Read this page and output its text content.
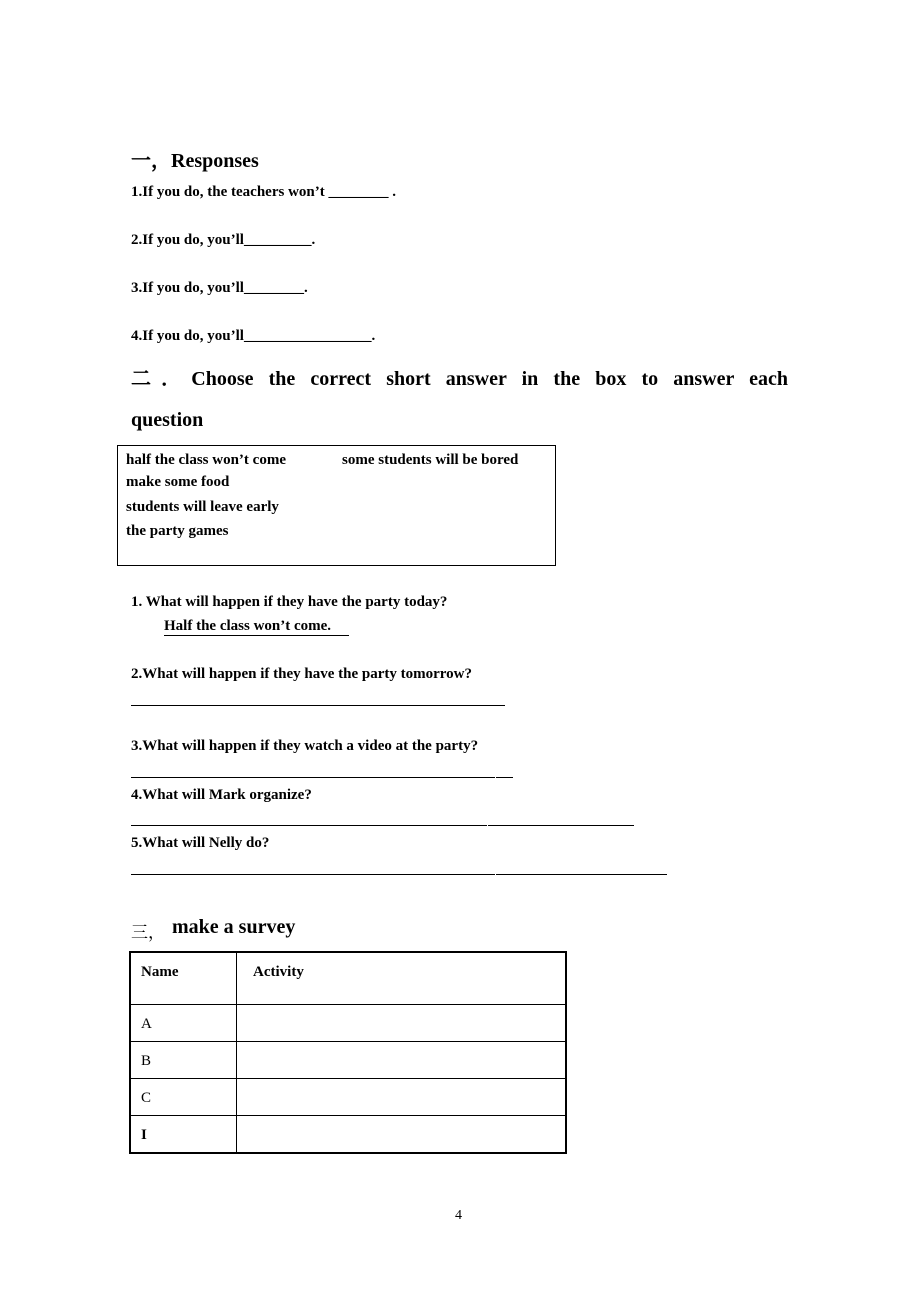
一，Responses
1.If you do, the teachers won’t ________ .
2.If you do, you’ll_________.
3.If you do, you’ll________.
4.If you do, you’ll_________________.
二．Choose the correct short answer in the box to answer each
question
half the class won’t come	some students will be bored
make some food
students will leave early
the party games
1. What will happen if they have the party today?
Half the class won’t come.
2.What will happen if they have the party tomorrow?
3.What will happen if they watch a video at the party?
4.What will Mark organize?
5.What will Nelly do?
三， make a survey
Name	Activity
A
B
C
I
4
